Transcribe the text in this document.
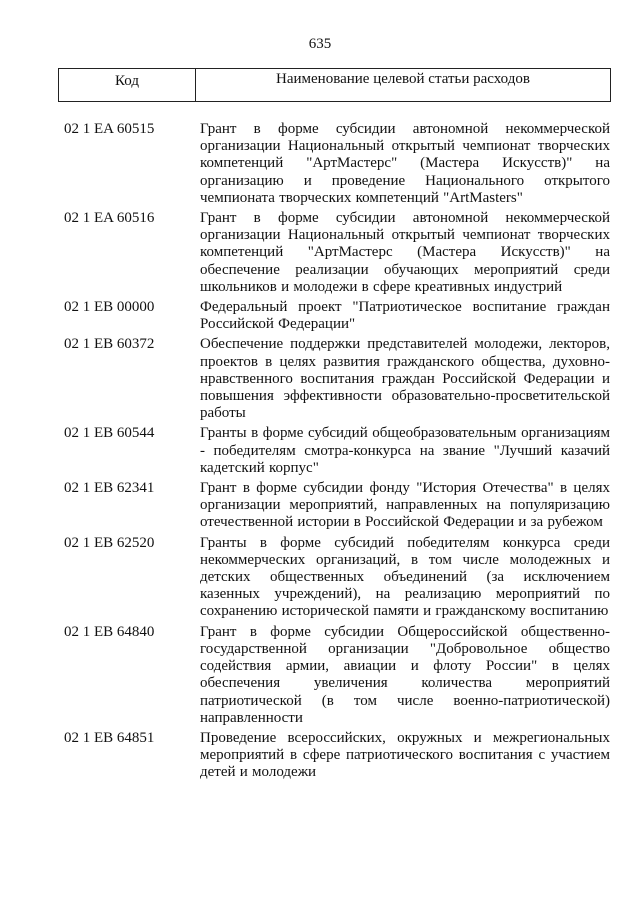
635
Код	Наименование целевой статьи расходов
02 1 EA 60515	Грант в форме субсидии автономной некоммерческой организации Национальный открытый чемпионат творческих компетенций "АртМастерс" (Мастера Искусств)" на организацию и проведение Национального открытого чемпионата творческих компетенций "ArtMasters"
02 1 EA 60516	Грант в форме субсидии автономной некоммерческой организации Национальный открытый чемпионат творческих компетенций "АртМастерс (Мастера Искусств)" на обеспечение реализации обучающих мероприятий среди школьников и молодежи в сфере креативных индустрий
02 1 EB 00000	Федеральный проект "Патриотическое воспитание граждан Российской Федерации"
02 1 EB 60372	Обеспечение поддержки представителей молодежи, лекторов, проектов в целях развития гражданского общества, духовно-нравственного воспитания граждан Российской Федерации и повышения эффективности образовательно-просветительской работы
02 1 EB 60544	Гранты в форме субсидий общеобразовательным организациям - победителям смотра-конкурса на звание "Лучший казачий кадетский корпус"
02 1 EB 62341	Грант в форме субсидии фонду "История Отечества" в целях организации мероприятий, направленных на популяризацию отечественной истории в Российской Федерации и за рубежом
02 1 EB 62520	Гранты в форме субсидий победителям конкурса среди некоммерческих организаций, в том числе молодежных и детских общественных объединений (за исключением казенных учреждений), на реализацию мероприятий по сохранению исторической памяти и гражданскому воспитанию
02 1 EB 64840	Грант в форме субсидии Общероссийской общественно-государственной организации "Добровольное общество содействия армии, авиации и флоту России" в целях обеспечения увеличения количества мероприятий патриотической (в том числе военно-патриотической) направленности
02 1 EB 64851	Проведение всероссийских, окружных и межрегиональных мероприятий в сфере патриотического воспитания с участием детей и молодежи
